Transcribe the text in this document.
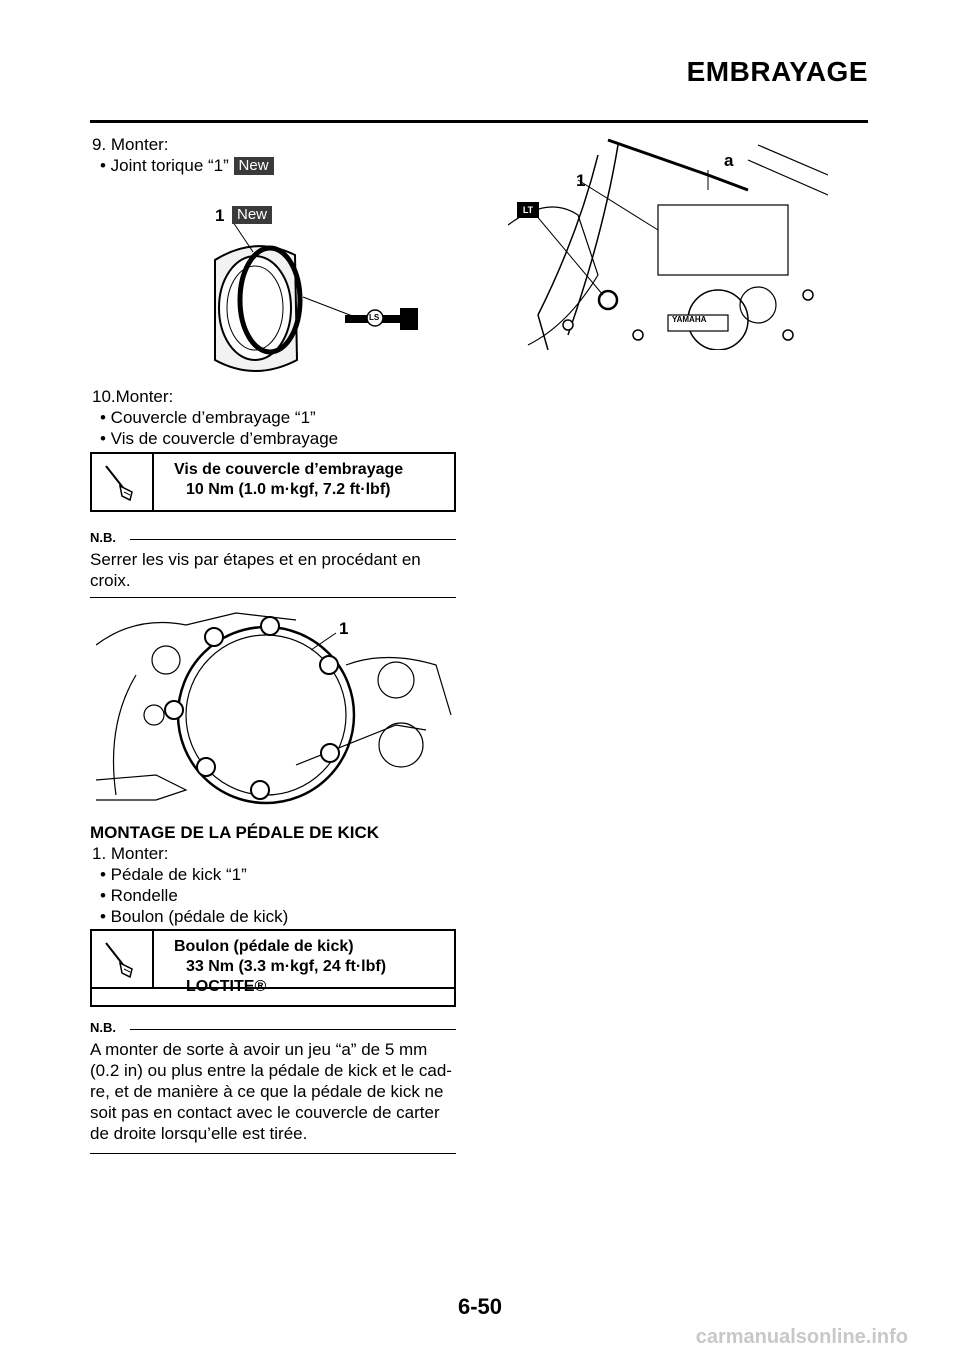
EMBRAYAGE
9. Monter:
• Joint torique “1” New
1 New
LS
10.Monter:
• Couvercle d’embrayage “1”
• Vis de couvercle d’embrayage
Vis de couvercle d’embrayage
10 Nm (1.0 m·kgf, 7.2 ft·lbf)
N.B.
Serrer les vis par étapes et en procédant en
croix.
1
MONTAGE DE LA PÉDALE DE KICK
1. Monter:
• Pédale de kick “1”
• Rondelle
• Boulon (pédale de kick)
Boulon (pédale de kick)
33 Nm (3.3 m·kgf, 24 ft·lbf)
LOCTITE®
N.B.
A monter de sorte à avoir un jeu “a” de 5 mm
(0.2 in) ou plus entre la pédale de kick et le cad-
re, et de manière à ce que la pédale de kick ne
soit pas en contact avec le couvercle de carter
de droite lorsqu’elle est tirée.
LT
1
a
YAMAHA
6-50
carmanualsonline.info
